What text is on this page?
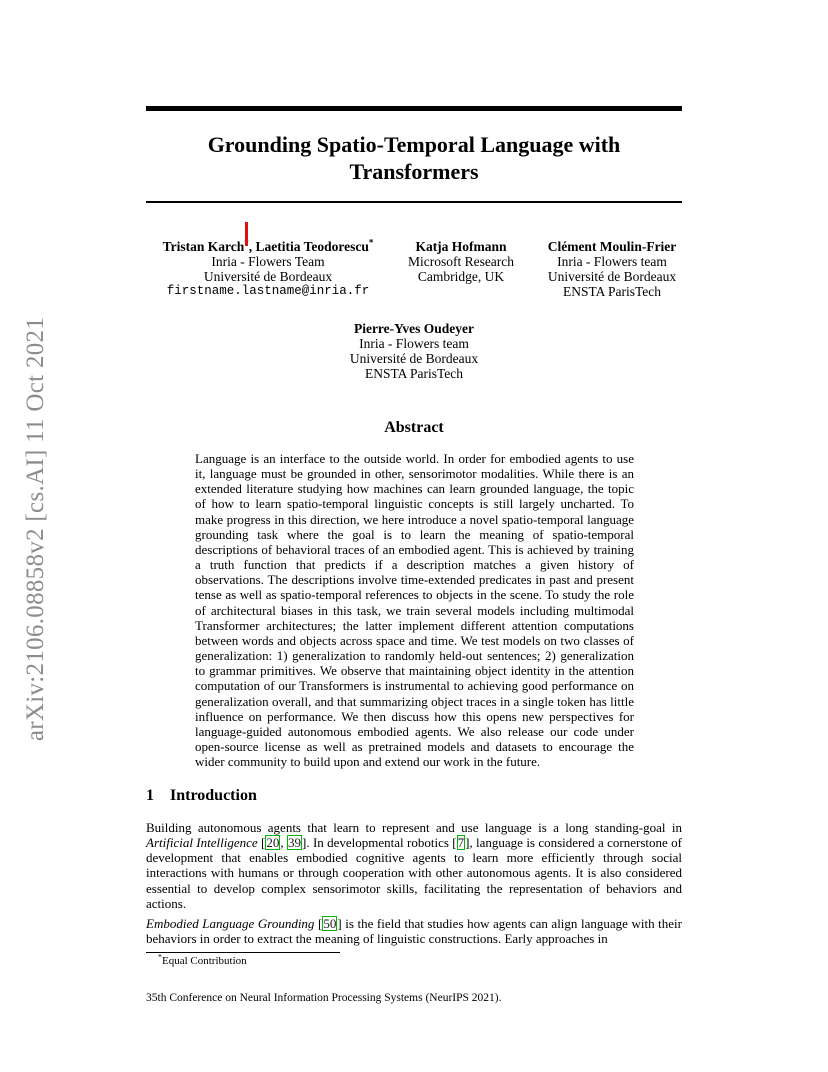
arXiv:2106.08858v2 [cs.AI] 11 Oct 2021
Grounding Spatio-Temporal Language with Transformers
Tristan Karch , Laetitia Teodorescu*
Inria - Flowers Team
Université de Bordeaux
firstname.lastname@inria.fr
Katja Hofmann
Microsoft Research
Cambridge, UK
Clément Moulin-Frier
Inria - Flowers team
Université de Bordeaux
ENSTA ParisTech
Pierre-Yves Oudeyer
Inria - Flowers team
Université de Bordeaux
ENSTA ParisTech
Abstract
Language is an interface to the outside world. In order for embodied agents to use it, language must be grounded in other, sensorimotor modalities. While there is an extended literature studying how machines can learn grounded language, the topic of how to learn spatio-temporal linguistic concepts is still largely uncharted. To make progress in this direction, we here introduce a novel spatio-temporal language grounding task where the goal is to learn the meaning of spatio-temporal descriptions of behavioral traces of an embodied agent. This is achieved by training a truth function that predicts if a description matches a given history of observations. The descriptions involve time-extended predicates in past and present tense as well as spatio-temporal references to objects in the scene. To study the role of architectural biases in this task, we train several models including multimodal Transformer architectures; the latter implement different attention computations between words and objects across space and time. We test models on two classes of generalization: 1) generalization to randomly held-out sentences; 2) generalization to grammar primitives. We observe that maintaining object identity in the attention computation of our Transformers is instrumental to achieving good performance on generalization overall, and that summarizing object traces in a single token has little influence on performance. We then discuss how this opens new perspectives for language-guided autonomous embodied agents. We also release our code under open-source license as well as pretrained models and datasets to encourage the wider community to build upon and extend our work in the future.
1 Introduction
Building autonomous agents that learn to represent and use language is a long standing-goal in Artificial Intelligence [20, 39]. In developmental robotics [7], language is considered a cornerstone of development that enables embodied cognitive agents to learn more efficiently through social interactions with humans or through cooperation with other autonomous agents. It is also considered essential to develop complex sensorimotor skills, facilitating the representation of behaviors and actions.
Embodied Language Grounding [50] is the field that studies how agents can align language with their behaviors in order to extract the meaning of linguistic constructions. Early approaches in
*Equal Contribution
35th Conference on Neural Information Processing Systems (NeurIPS 2021).
